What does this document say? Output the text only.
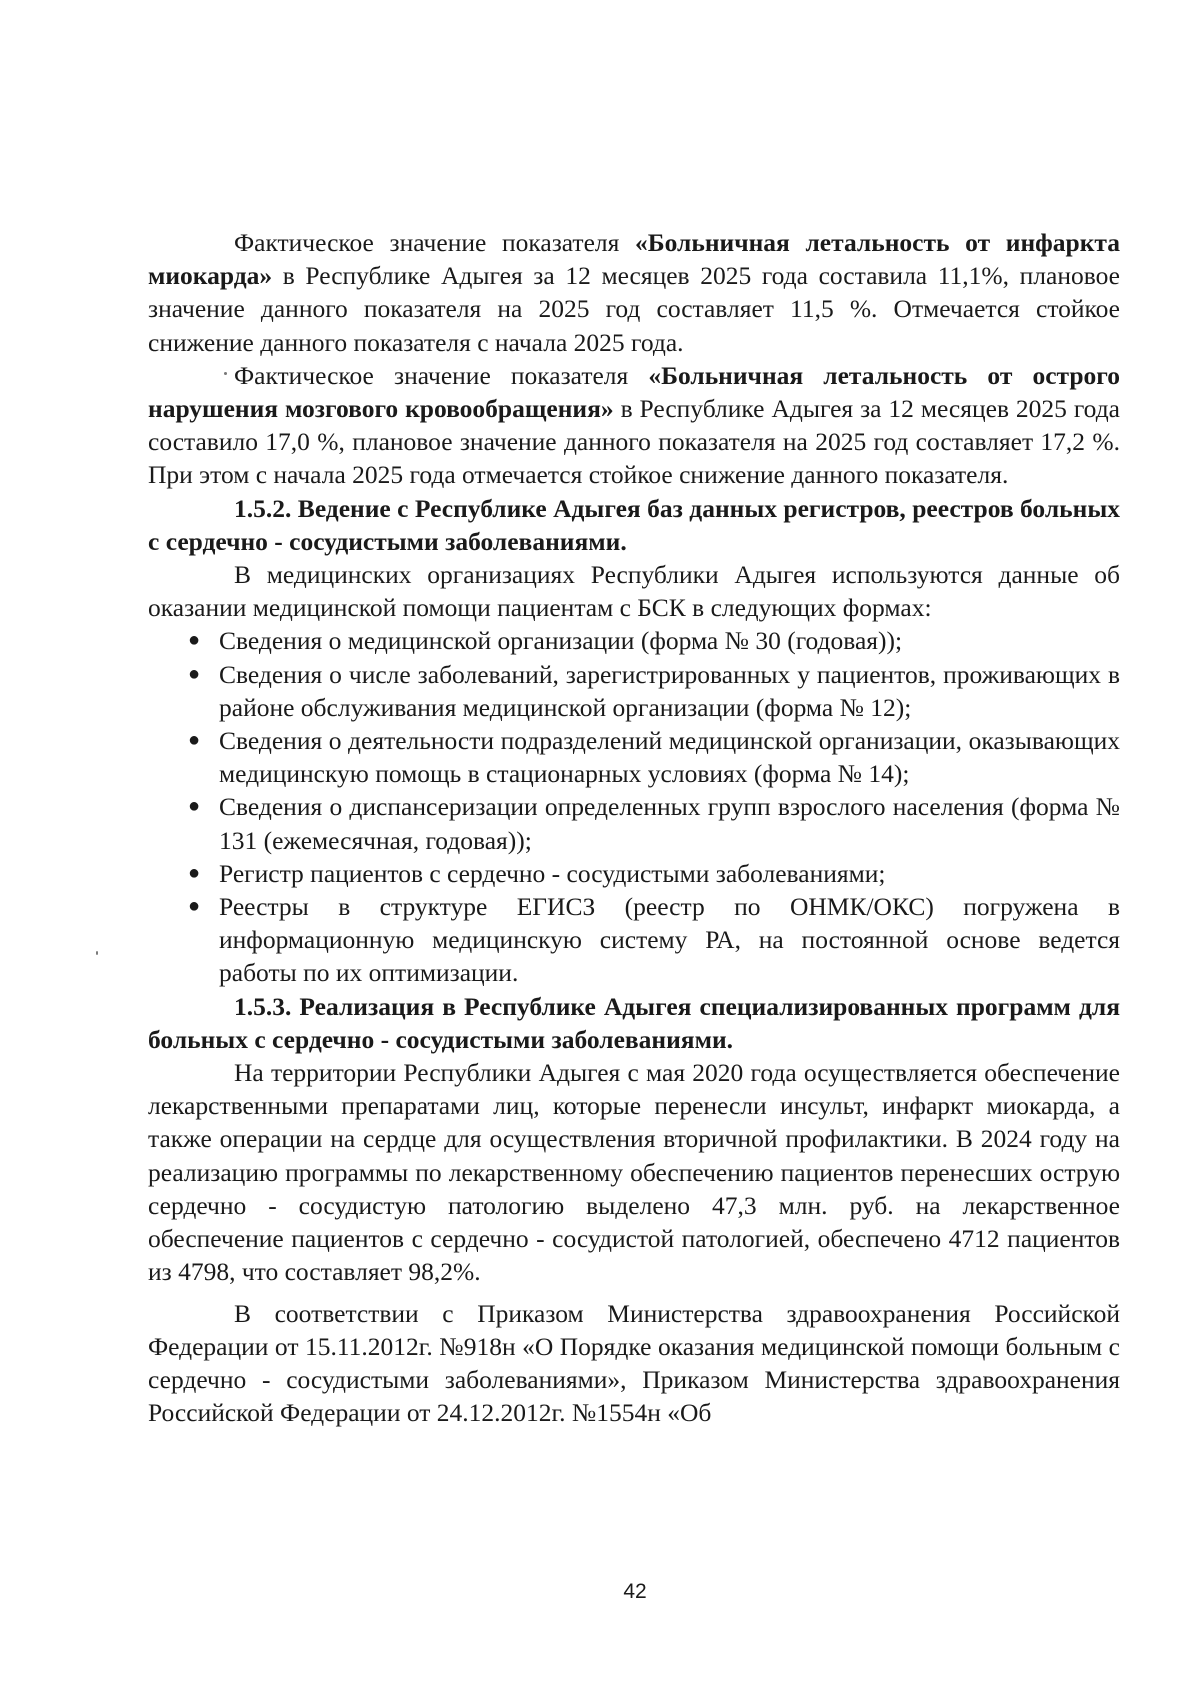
Фактическое значение показателя «Больничная летальность от инфаркта миокарда» в Республике Адыгея за 12 месяцев 2025 года составила 11,1%, плановое значение данного показателя на 2025 год составляет 11,5 %. Отмечается стойкое снижение данного показателя с начала 2025 года.

Фактическое значение показателя «Больничная летальность от острого нарушения мозгового кровообращения» в Республике Адыгея за 12 месяцев 2025 года составило 17,0 %, плановое значение данного показателя на 2025 год составляет 17,2 %. При этом с начала 2025 года отмечается стойкое снижение данного показателя.

1.5.2. Ведение с Республике Адыгея баз данных регистров, реестров больных с сердечно - сосудистыми заболеваниями.

В медицинских организациях Республики Адыгея используются данные об оказании медицинской помощи пациентам с БСК в следующих формах:

● Сведения о медицинской организации (форма № 30 (годовая));
● Сведения о числе заболеваний, зарегистрированных у пациентов, проживающих в районе обслуживания медицинской организации (форма № 12);
● Сведения о деятельности подразделений медицинской организации, оказывающих медицинскую помощь в стационарных условиях (форма № 14);
● Сведения о диспансеризации определенных групп взрослого населения (форма № 131 (ежемесячная, годовая));
● Регистр пациентов с сердечно - сосудистыми заболеваниями;
● Реестры в структуре ЕГИСЗ (реестр по ОНМК/ОКС) погружена в информационную медицинскую систему РА, на постоянной основе ведется работы по их оптимизации.

1.5.3. Реализация в Республике Адыгея специализированных программ для больных с сердечно - сосудистыми заболеваниями.

На территории Республики Адыгея с мая 2020 года осуществляется обеспечение лекарственными препаратами лиц, которые перенесли инсульт, инфаркт миокарда, а также операции на сердце для осуществления вторичной профилактики. В 2024 году на реализацию программы по лекарственному обеспечению пациентов перенесших острую сердечно - сосудистую патологию выделено 47,3 млн. руб. на лекарственное обеспечение пациентов с сердечно - сосудистой патологией, обеспечено 4712 пациентов из 4798, что составляет 98,2%.

В соответствии с Приказом Министерства здравоохранения Российской Федерации от 15.11.2012г. №918н «О Порядке оказания медицинской помощи больным с сердечно - сосудистыми заболеваниями», Приказом Министерства здравоохранения Российской Федерации от 24.12.2012г. №1554н «Об

42
